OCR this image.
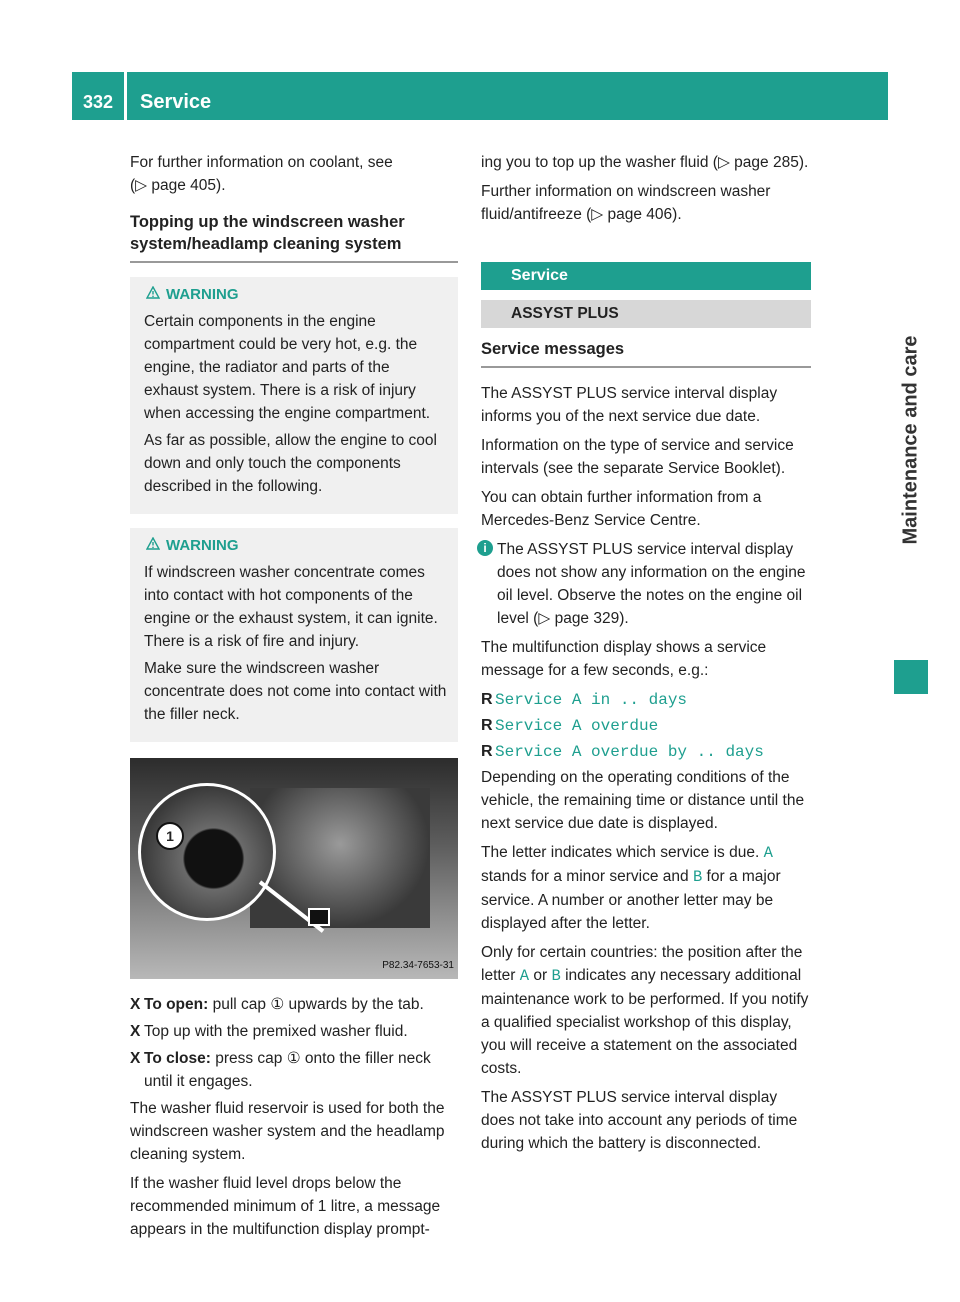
332	Service
Maintenance and care

For further information on coolant, see
(▷ page 405).

Topping up the windscreen washer system/headlamp cleaning system
WARNING

Certain components in the engine compartment could be very hot, e.g. the engine, the radiator and parts of the exhaust system. There is a risk of injury when accessing the engine compartment.

As far as possible, allow the engine to cool down and only touch the components described in the following.

WARNING

If windscreen washer concentrate comes into contact with hot components of the engine or the exhaust system, it can ignite. There is a risk of fire and injury.

Make sure the windscreen washer concentrate does not come into contact with the filler neck.

1
P82.34-7653-31
X To open: pull cap ① upwards by the tab.
X Top up with the premixed washer fluid.
X To close: press cap ① onto the filler neck until it engages.

The washer fluid reservoir is used for both the windscreen washer system and the headlamp cleaning system.

If the washer fluid level drops below the recommended minimum of 1 litre, a message appears in the multifunction display prompt-

ing you to top up the washer fluid (▷ page 285).

Further information on windscreen washer fluid/antifreeze (▷ page 406).

Service
ASSYST PLUS
Service messages

The ASSYST PLUS service interval display informs you of the next service due date.

Information on the type of service and service intervals (see the separate Service Booklet).

You can obtain further information from a Mercedes-Benz Service Centre.

i The ASSYST PLUS service interval display does not show any information on the engine oil level. Observe the notes on the engine oil level (▷ page 329).

The multifunction display shows a service message for a few seconds, e.g.:

R Service A in .. days
R Service A overdue
R Service A overdue by .. days

Depending on the operating conditions of the vehicle, the remaining time or distance until the next service due date is displayed.

The letter indicates which service is due. A stands for a minor service and B for a major service. A number or another letter may be displayed after the letter.

Only for certain countries: the position after the letter A or B indicates any necessary additional maintenance work to be performed. If you notify a qualified specialist workshop of this display, you will receive a statement on the associated costs.

The ASSYST PLUS service interval display does not take into account any periods of time during which the battery is disconnected.
